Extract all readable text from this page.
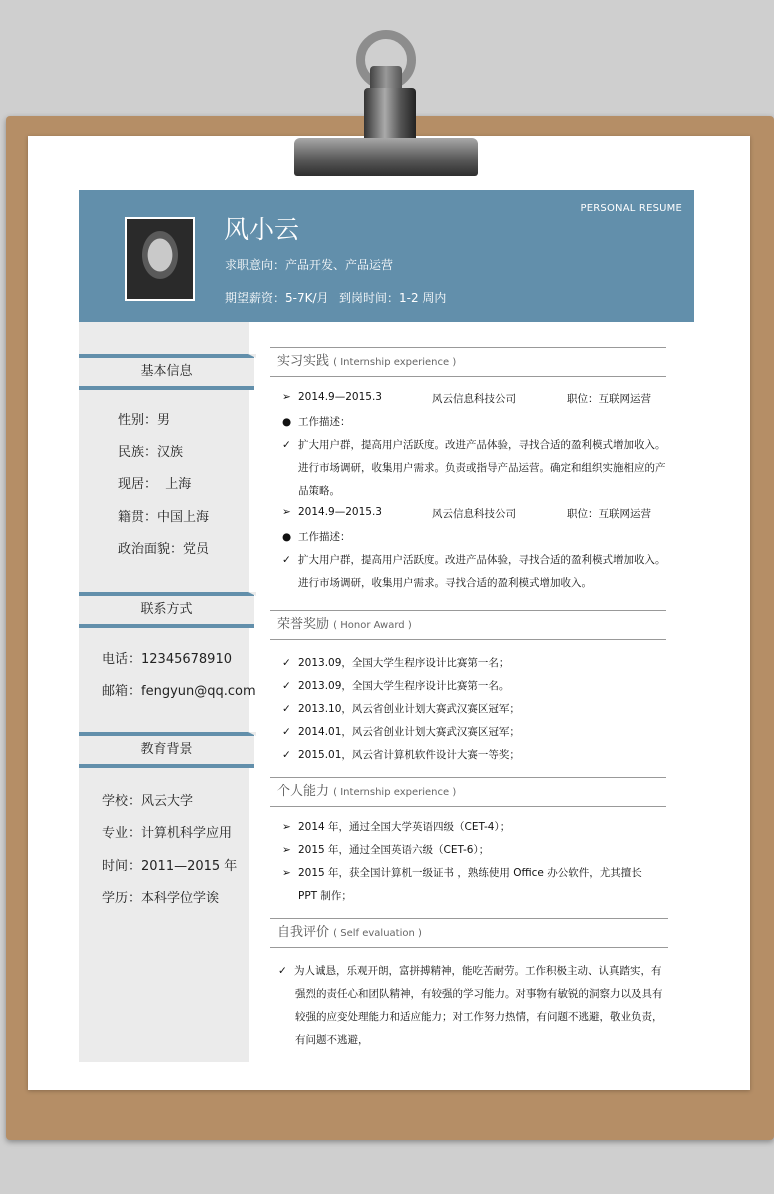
风小云
PERSONAL RESUME
求职意向：产品开发、产品运营
期望薪资：5-7K/月 到岗时间：1-2 周内
基本信息
性别：男
民族：汉族
现居：  上海
籍贯：中国上海
政治面貌：党员
联系方式
电话：12345678910
邮箱：fengyun@qq.com
教育背景
学校：风云大学
专业：计算机科学应用
时间：2011—2015 年
学历：本科学位学诶
实习实践 ( Internship experience )
➢ 2014.9—2015.3	风云信息科技公司	职位：互联网运营
● 工作描述：
✓ 扩大用户群，提高用户活跃度。改进产品体验，寻找合适的盈利模式增加收入。
进行市场调研，收集用户需求。负责或指导产品运营。确定和组织实施相应的产
品策略。
➢ 2014.9—2015.3	风云信息科技公司	职位：互联网运营
● 工作描述：
✓ 扩大用户群，提高用户活跃度。改进产品体验，寻找合适的盈利模式增加收入。
进行市场调研，收集用户需求。寻找合适的盈利模式增加收入。
荣誉奖励 ( Honor Award )
✓ 2013.09，全国大学生程序设计比赛第一名；
✓ 2013.09，全国大学生程序设计比赛第一名。
✓ 2013.10，风云省创业计划大赛武汉赛区冠军；
✓ 2014.01，风云省创业计划大赛武汉赛区冠军；
✓ 2015.01，风云省计算机软件设计大赛一等奖；
个人能力 ( Internship experience )
➢ 2014 年，通过全国大学英语四级（CET-4）；
➢ 2015 年，通过全国英语六级（CET-6）；
➢ 2015 年，获全国计算机一级证书 ，熟练使用 Office 办公软件，尤其擅长
PPT 制作；
自我评价 ( Self evaluation )
✓ 为人诚恳，乐观开朗，富拼搏精神，能吃苦耐劳。工作积极主动、认真踏实，有
强烈的责任心和团队精神，有较强的学习能力。对事物有敏锐的洞察力以及具有
较强的应变处理能力和适应能力；对工作努力热情，有问题不逃避，敬业负责，
有问题不逃避，
